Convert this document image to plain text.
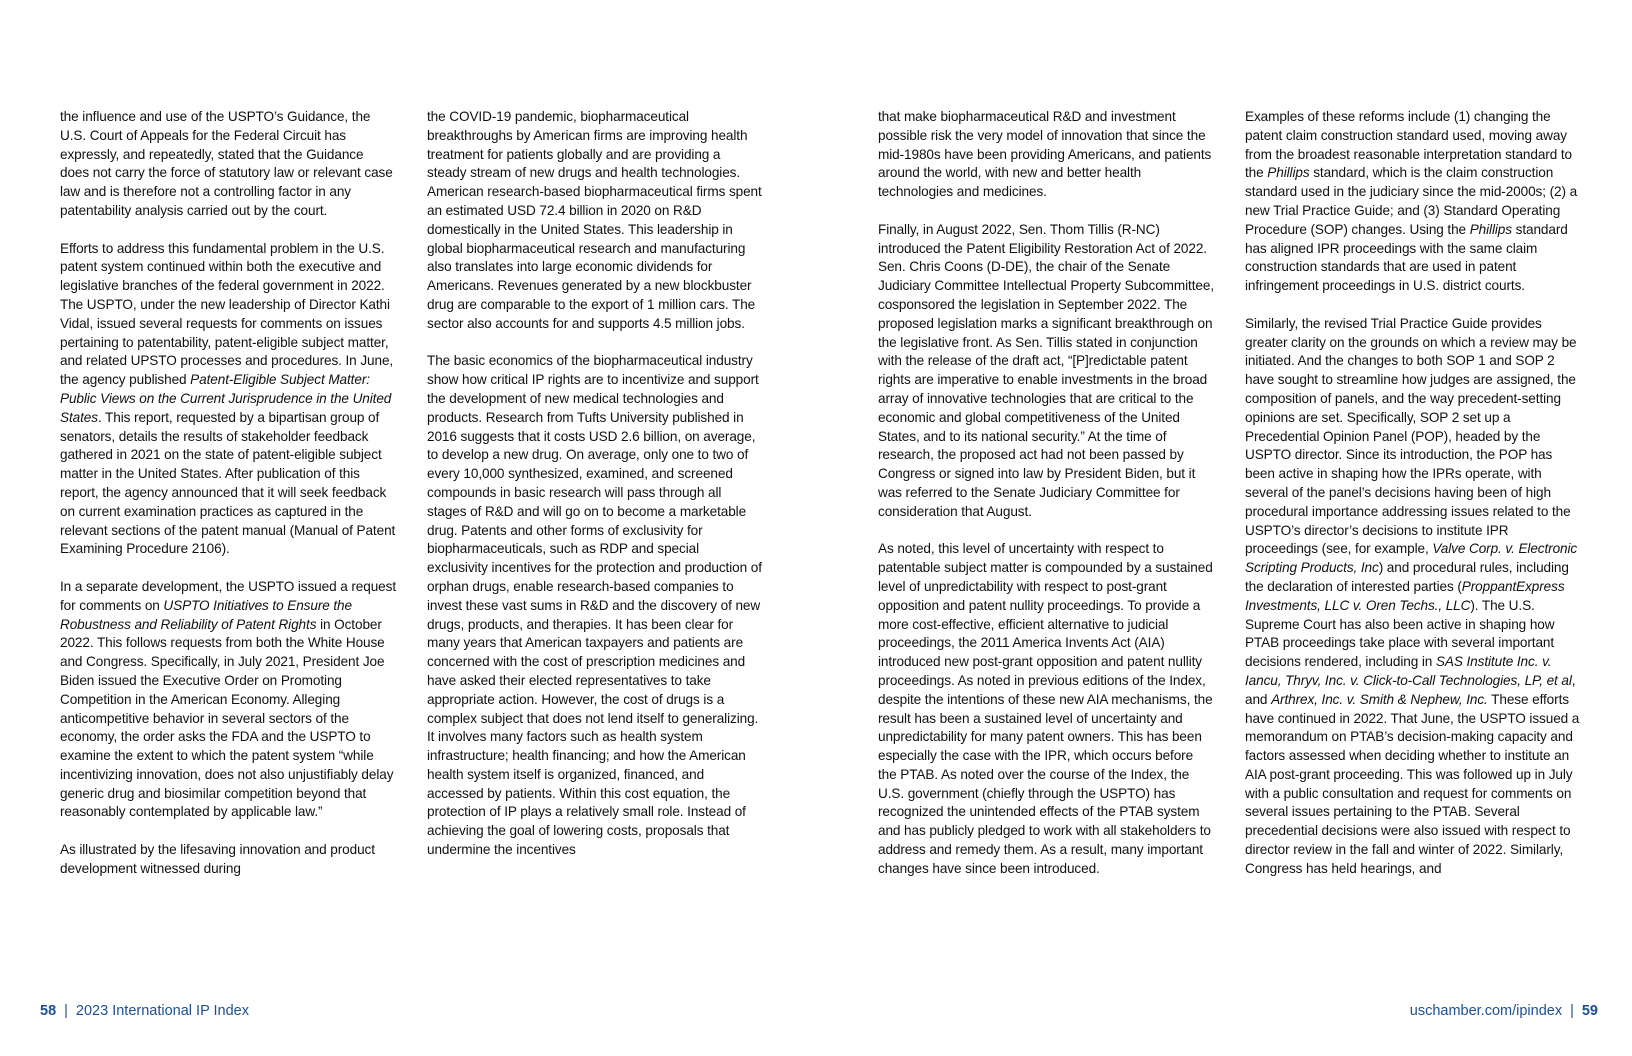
the influence and use of the USPTO’s Guidance, the U.S. Court of Appeals for the Federal Circuit has expressly, and repeatedly, stated that the Guidance does not carry the force of statutory law or relevant case law and is therefore not a controlling factor in any patentability analysis carried out by the court.

Efforts to address this fundamental problem in the U.S. patent system continued within both the executive and legislative branches of the federal government in 2022. The USPTO, under the new leadership of Director Kathi Vidal, issued several requests for comments on issues pertaining to patentability, patent-eligible subject matter, and related UPSTO processes and procedures. In June, the agency published Patent-Eligible Subject Matter: Public Views on the Current Jurisprudence in the United States. This report, requested by a bipartisan group of senators, details the results of stakeholder feedback gathered in 2021 on the state of patent-eligible subject matter in the United States. After publication of this report, the agency announced that it will seek feedback on current examination practices as captured in the relevant sections of the patent manual (Manual of Patent Examining Procedure 2106).

In a separate development, the USPTO issued a request for comments on USPTO Initiatives to Ensure the Robustness and Reliability of Patent Rights in October 2022. This follows requests from both the White House and Congress. Specifically, in July 2021, President Joe Biden issued the Executive Order on Promoting Competition in the American Economy. Alleging anticompetitive behavior in several sectors of the economy, the order asks the FDA and the USPTO to examine the extent to which the patent system “while incentivizing innovation, does not also unjustifiably delay generic drug and biosimilar competition beyond that reasonably contemplated by applicable law.”

As illustrated by the lifesaving innovation and product development witnessed during

the COVID-19 pandemic, biopharmaceutical breakthroughs by American firms are improving health treatment for patients globally and are providing a steady stream of new drugs and health technologies. American research-based biopharmaceutical firms spent an estimated USD 72.4 billion in 2020 on R&D domestically in the United States. This leadership in global biopharmaceutical research and manufacturing also translates into large economic dividends for Americans. Revenues generated by a new blockbuster drug are comparable to the export of 1 million cars. The sector also accounts for and supports 4.5 million jobs.

The basic economics of the biopharmaceutical industry show how critical IP rights are to incentivize and support the development of new medical technologies and products. Research from Tufts University published in 2016 suggests that it costs USD 2.6 billion, on average, to develop a new drug. On average, only one to two of every 10,000 synthesized, examined, and screened compounds in basic research will pass through all stages of R&D and will go on to become a marketable drug. Patents and other forms of exclusivity for biopharmaceuticals, such as RDP and special exclusivity incentives for the protection and production of orphan drugs, enable research-based companies to invest these vast sums in R&D and the discovery of new drugs, products, and therapies. It has been clear for many years that American taxpayers and patients are concerned with the cost of prescription medicines and have asked their elected representatives to take appropriate action. However, the cost of drugs is a complex subject that does not lend itself to generalizing. It involves many factors such as health system infrastructure; health financing; and how the American health system itself is organized, financed, and accessed by patients. Within this cost equation, the protection of IP plays a relatively small role. Instead of achieving the goal of lowering costs, proposals that undermine the incentives

that make biopharmaceutical R&D and investment possible risk the very model of innovation that since the mid-1980s have been providing Americans, and patients around the world, with new and better health technologies and medicines.

Finally, in August 2022, Sen. Thom Tillis (R-NC) introduced the Patent Eligibility Restoration Act of 2022. Sen. Chris Coons (D-DE), the chair of the Senate Judiciary Committee Intellectual Property Subcommittee, cosponsored the legislation in September 2022. The proposed legislation marks a significant breakthrough on the legislative front. As Sen. Tillis stated in conjunction with the release of the draft act, “[P]redictable patent rights are imperative to enable investments in the broad array of innovative technologies that are critical to the economic and global competitiveness of the United States, and to its national security.” At the time of research, the proposed act had not been passed by Congress or signed into law by President Biden, but it was referred to the Senate Judiciary Committee for consideration that August.

As noted, this level of uncertainty with respect to patentable subject matter is compounded by a sustained level of unpredictability with respect to post-grant opposition and patent nullity proceedings. To provide a more cost-effective, efficient alternative to judicial proceedings, the 2011 America Invents Act (AIA) introduced new post-grant opposition and patent nullity proceedings. As noted in previous editions of the Index, despite the intentions of these new AIA mechanisms, the result has been a sustained level of uncertainty and unpredictability for many patent owners. This has been especially the case with the IPR, which occurs before the PTAB. As noted over the course of the Index, the U.S. government (chiefly through the USPTO) has recognized the unintended effects of the PTAB system and has publicly pledged to work with all stakeholders to address and remedy them. As a result, many important changes have since been introduced.

Examples of these reforms include (1) changing the patent claim construction standard used, moving away from the broadest reasonable interpretation standard to the Phillips standard, which is the claim construction standard used in the judiciary since the mid-2000s; (2) a new Trial Practice Guide; and (3) Standard Operating Procedure (SOP) changes. Using the Phillips standard has aligned IPR proceedings with the same claim construction standards that are used in patent infringement proceedings in U.S. district courts.

Similarly, the revised Trial Practice Guide provides greater clarity on the grounds on which a review may be initiated. And the changes to both SOP 1 and SOP 2 have sought to streamline how judges are assigned, the composition of panels, and the way precedent-setting opinions are set. Specifically, SOP 2 set up a Precedential Opinion Panel (POP), headed by the USPTO director. Since its introduction, the POP has been active in shaping how the IPRs operate, with several of the panel’s decisions having been of high procedural importance addressing issues related to the USPTO’s director’s decisions to institute IPR proceedings (see, for example, Valve Corp. v. Electronic Scripting Products, Inc) and procedural rules, including the declaration of interested parties (ProppantExpress Investments, LLC v. Oren Techs., LLC). The U.S. Supreme Court has also been active in shaping how PTAB proceedings take place with several important decisions rendered, including in SAS Institute Inc. v. Iancu, Thryv, Inc. v. Click-to-Call Technologies, LP, et al, and Arthrex, Inc. v. Smith & Nephew, Inc. These efforts have continued in 2022. That June, the USPTO issued a memorandum on PTAB’s decision-making capacity and factors assessed when deciding whether to institute an AIA post-grant proceeding. This was followed up in July with a public consultation and request for comments on several issues pertaining to the PTAB. Several precedential decisions were also issued with respect to director review in the fall and winter of 2022. Similarly, Congress has held hearings, and

58 | 2023 International IP Index	uschamber.com/ipindex | 59
